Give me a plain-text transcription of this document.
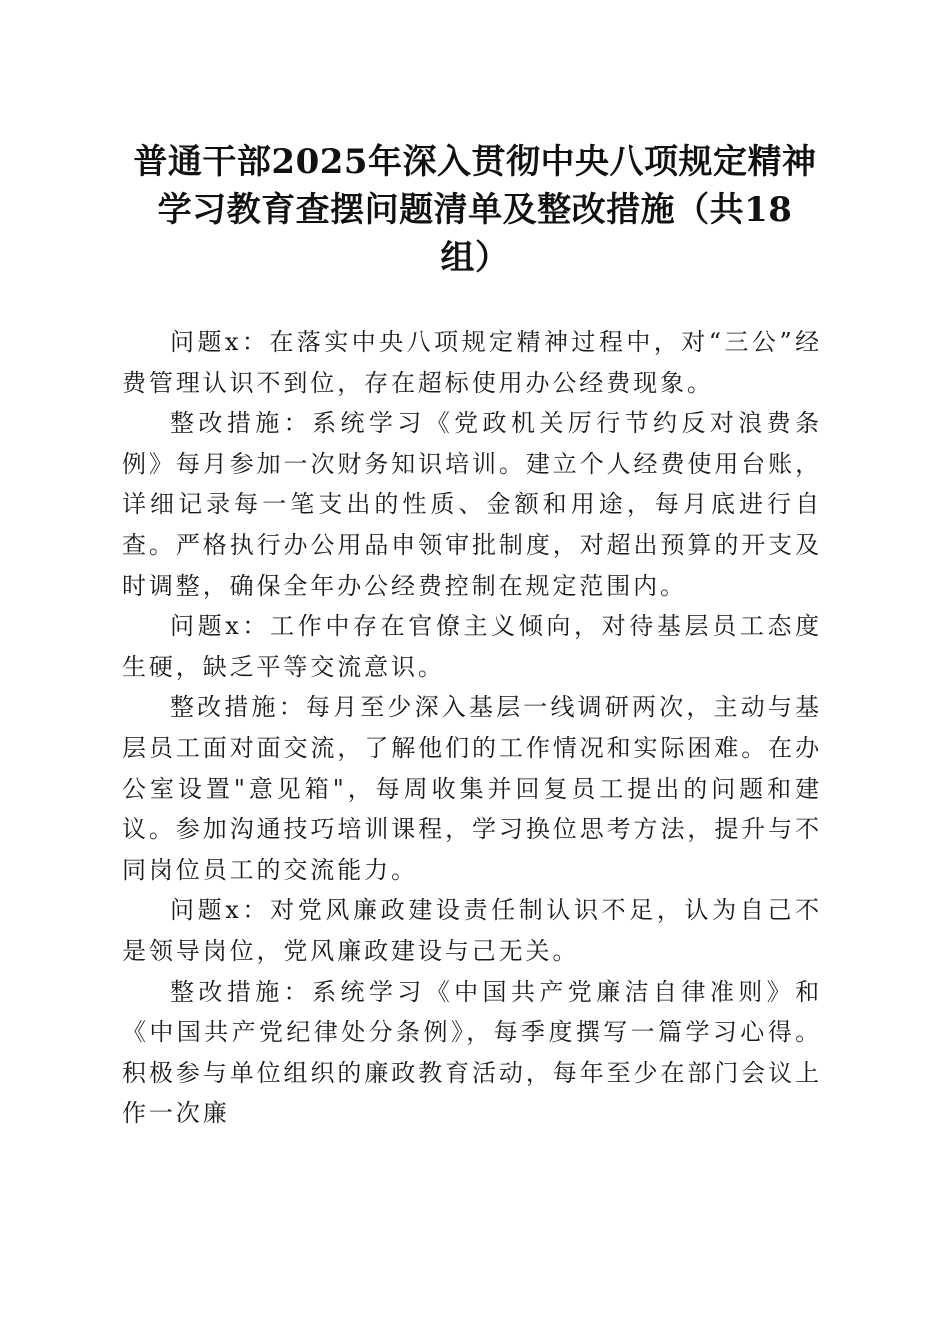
普通干部2025年深入贯彻中央八项规定精神
学习教育查摆问题清单及整改措施（共18
组）

问题x：在落实中央八项规定精神过程中，对“三公”经费管理认识不到位，存在超标使用办公经费现象。

整改措施：系统学习《党政机关厉行节约反对浪费条例》每月参加一次财务知识培训。建立个人经费使用台账，详细记录每一笔支出的性质、金额和用途，每月底进行自查。严格执行办公用品申领审批制度，对超出预算的开支及时调整，确保全年办公经费控制在规定范围内。

问题x：工作中存在官僚主义倾向，对待基层员工态度生硬，缺乏平等交流意识。

整改措施：每月至少深入基层一线调研两次，主动与基层员工面对面交流，了解他们的工作情况和实际困难。在办公室设置"意见箱"，每周收集并回复员工提出的问题和建议。参加沟通技巧培训课程，学习换位思考方法，提升与不同岗位员工的交流能力。

问题x：对党风廉政建设责任制认识不足，认为自己不是领导岗位，党风廉政建设与己无关。

整改措施：系统学习《中国共产党廉洁自律准则》和《中国共产党纪律处分条例》，每季度撰写一篇学习心得。积极参与单位组织的廉政教育活动，每年至少在部门会议上作一次廉
